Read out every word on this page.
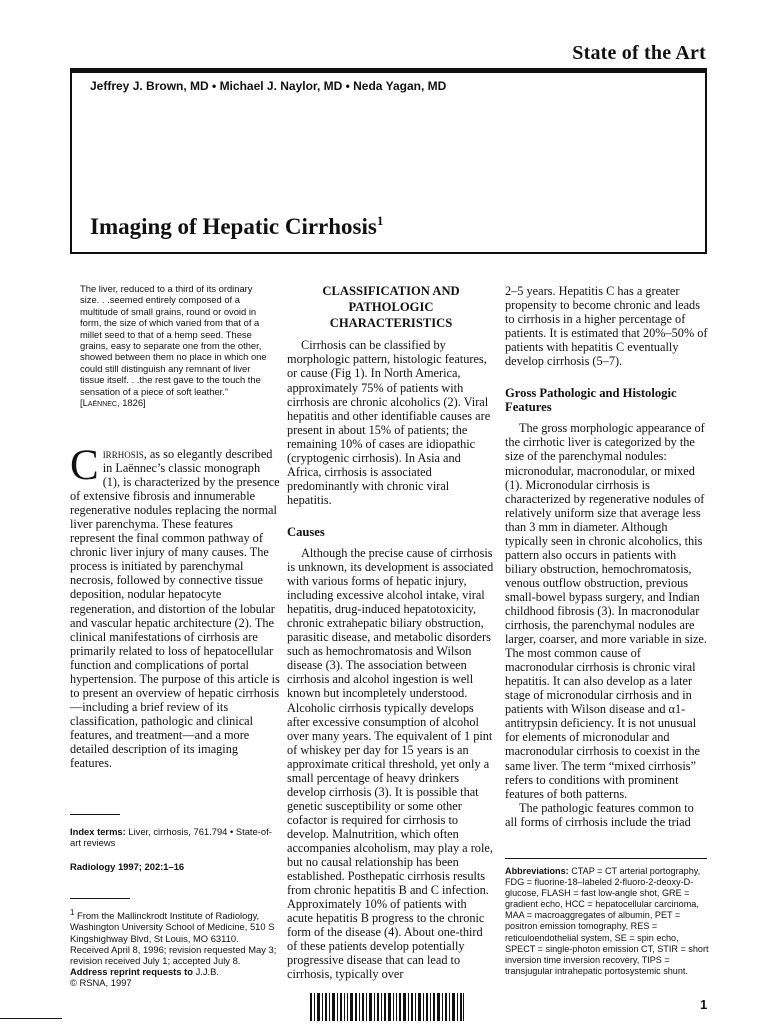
State of the Art
Jeffrey J. Brown, MD • Michael J. Naylor, MD • Neda Yagan, MD
Imaging of Hepatic Cirrhosis$^1$
The liver, reduced to a third of its ordinary size. . .seemed entirely composed of a multitude of small grains, round or ovoid in form, the size of which varied from that of a millet seed to that of a hemp seed. These grains, easy to separate one from the other, showed between them no place in which one could still distinguish any remnant of liver tissue itself. . .the rest gave to the touch the sensation of a piece of soft leather.”
[Laënnec, 1826]

Cirrhosis, as so elegantly described in Laënnec’s classic monograph (1), is characterized by the presence of extensive fibrosis and innumerable regenerative nodules replacing the normal liver parenchyma. These features represent the final common pathway of chronic liver injury of many causes. The process is initiated by parenchymal necrosis, followed by connective tissue deposition, nodular hepatocyte regeneration, and distortion of the lobular and vascular hepatic architecture (2). The clinical manifestations of cirrhosis are primarily related to loss of hepatocellular function and complications of portal hypertension. The purpose of this article is to present an overview of hepatic cirrhosis—including a brief review of its classification, pathologic and clinical features, and treatment—and a more detailed description of its imaging features.

Index terms: Liver, cirrhosis, 761.794 • State-of-art reviews
Radiology 1997; 202:1–16
$^1$ From the Mallinckrodt Institute of Radiology, Washington University School of Medicine, 510 S Kingshighway Blvd, St Louis, MO 63110. Received April 8, 1996; revision requested May 3; revision received July 1; accepted July 8. Address reprint requests to J.J.B.
© RSNA, 1997
CLASSIFICATION AND PATHOLOGIC CHARACTERISTICS

Cirrhosis can be classified by morphologic pattern, histologic features, or cause (Fig 1). In North America, approximately 75% of patients with cirrhosis are chronic alcoholics (2). Viral hepatitis and other identifiable causes are present in about 15% of patients; the remaining 10% of cases are idiopathic (cryptogenic cirrhosis). In Asia and Africa, cirrhosis is associated predominantly with chronic viral hepatitis.

Causes

Although the precise cause of cirrhosis is unknown, its development is associated with various forms of hepatic injury, including excessive alcohol intake, viral hepatitis, drug-induced hepatotoxicity, chronic extrahepatic biliary obstruction, parasitic disease, and metabolic disorders such as hemochromatosis and Wilson disease (3). The association between cirrhosis and alcohol ingestion is well known but incompletely understood. Alcoholic cirrhosis typically develops after excessive consumption of alcohol over many years. The equivalent of 1 pint of whiskey per day for 15 years is an approximate critical threshold, yet only a small percentage of heavy drinkers develop cirrhosis (3). It is possible that genetic susceptibility or some other cofactor is required for cirrhosis to develop. Malnutrition, which often accompanies alcoholism, may play a role, but no causal relationship has been established. Posthepatic cirrhosis results from chronic hepatitis B and C infection. Approximately 10% of patients with acute hepatitis B progress to the chronic form of the disease (4). About one-third of these patients develop potentially progressive disease that can lead to cirrhosis, typically over

2–5 years. Hepatitis C has a greater propensity to become chronic and leads to cirrhosis in a higher percentage of patients. It is estimated that 20%–50% of patients with hepatitis C eventually develop cirrhosis (5–7).

Gross Pathologic and Histologic Features

The gross morphologic appearance of the cirrhotic liver is categorized by the size of the parenchymal nodules: micronodular, macronodular, or mixed (1). Micronodular cirrhosis is characterized by regenerative nodules of relatively uniform size that average less than 3 mm in diameter. Although typically seen in chronic alcoholics, this pattern also occurs in patients with biliary obstruction, hemochromatosis, venous outflow obstruction, previous small-bowel bypass surgery, and Indian childhood fibrosis (3). In macronodular cirrhosis, the parenchymal nodules are larger, coarser, and more variable in size. The most common cause of macronodular cirrhosis is chronic viral hepatitis. It can also develop as a later stage of micronodular cirrhosis and in patients with Wilson disease and α1-antitrypsin deficiency. It is not unusual for elements of micronodular and macronodular cirrhosis to coexist in the same liver. The term “mixed cirrhosis” refers to conditions with prominent features of both patterns.

The pathologic features common to all forms of cirrhosis include the triad

Abbreviations: CTAP = CT arterial portography, FDG = fluorine-18–labeled 2-fluoro-2-deoxy-D-glucose, FLASH = fast low-angle shot, GRE = gradient echo, HCC = hepatocellular carcinoma, MAA = macroaggregates of albumin, PET = positron emission tomography, RES = reticuloendothelial system, SE = spin echo, SPECT = single-photon emission CT, STIR = short inversion time inversion recovery, TIPS = transjugular intrahepatic portosystemic shunt.
1
